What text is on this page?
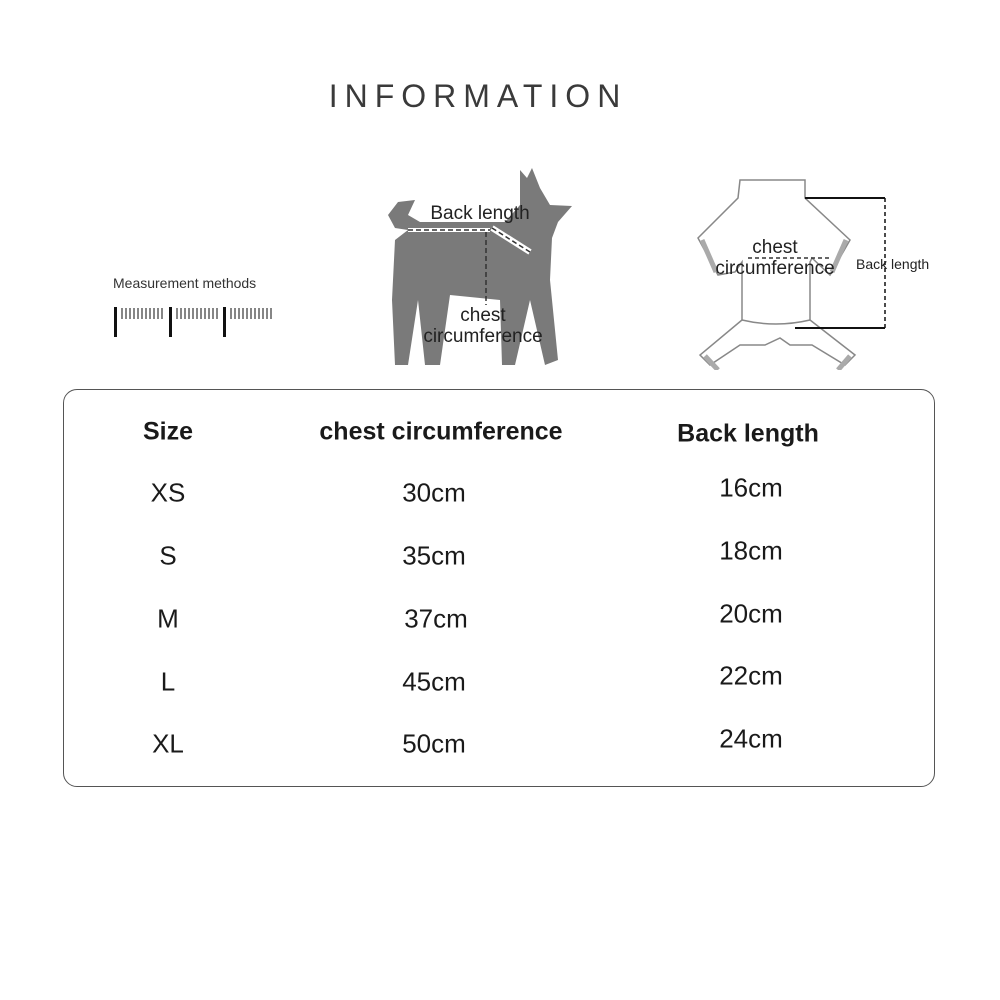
INFORMATION
Measurement methods
Back length
chest
circumference
chest
circumference Back length
Size	chest circumference	Back length
XS	30cm	16cm
S	35cm	18cm
M	37cm	20cm
L	45cm	22cm
XL	50cm	24cm
